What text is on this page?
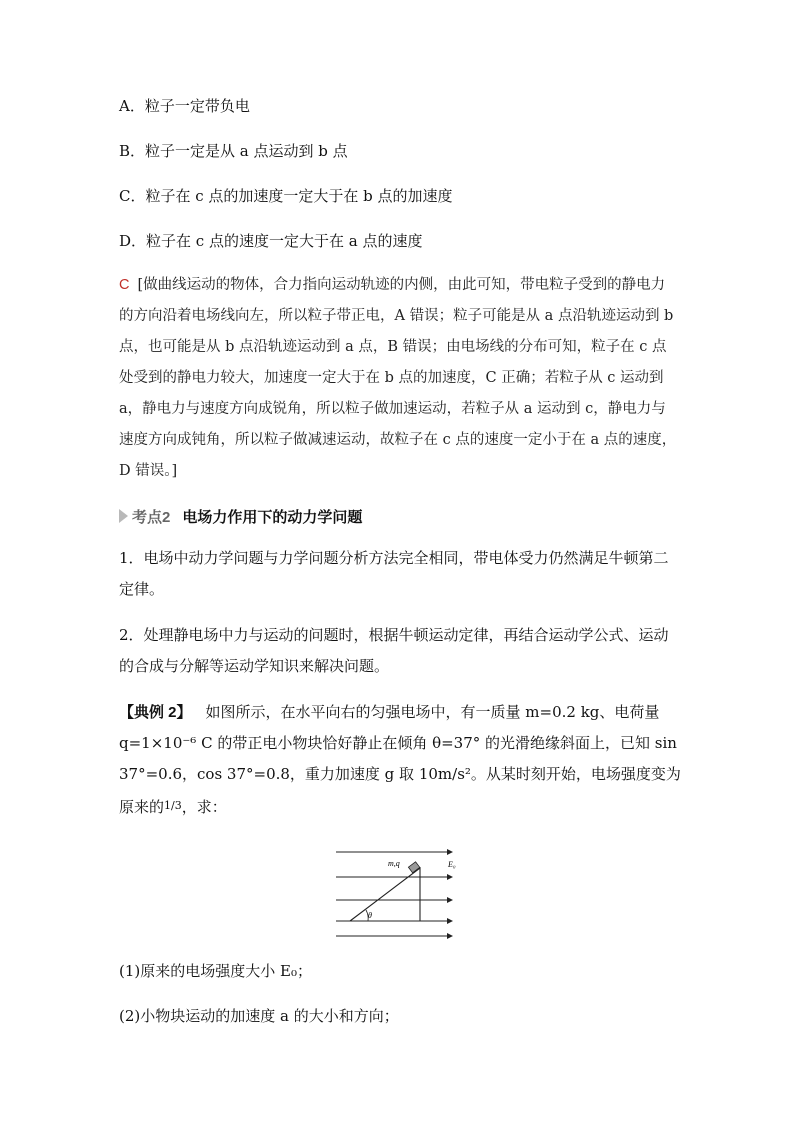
A．粒子一定带负电
B．粒子一定是从 a 点运动到 b 点
C．粒子在 c 点的加速度一定大于在 b 点的加速度
D．粒子在 c 点的速度一定大于在 a 点的速度
C [做曲线运动的物体，合力指向运动轨迹的内侧，由此可知，带电粒子受到的静电力的方向沿着电场线向左，所以粒子带正电，A 错误；粒子可能是从 a 点沿轨迹运动到 b 点，也可能是从 b 点沿轨迹运动到 a 点，B 错误；由电场线的分布可知，粒子在 c 点处受到的静电力较大，加速度一定大于在 b 点的加速度，C 正确；若粒子从 c 运动到 a，静电力与速度方向成锐角，所以粒子做加速运动，若粒子从 a 运动到 c，静电力与速度方向成钝角，所以粒子做减速运动，故粒子在 c 点的速度一定小于在 a 点的速度，D 错误。]
考点2 电场力作用下的动力学问题
1．电场中动力学问题与力学问题分析方法完全相同，带电体受力仍然满足牛顿第二定律。
2．处理静电场中力与运动的问题时，根据牛顿运动定律，再结合运动学公式、运动的合成与分解等运动学知识来解决问题。
【典例 2】 如图所示，在水平向右的匀强电场中，有一质量 m=0.2 kg、电荷量 q=1×10⁻⁶ C 的带正电小物块恰好静止在倾角 θ=37° 的光滑绝缘斜面上，已知 sin 37°=0.6，cos 37°=0.8，重力加速度 g 取 10m/s²。从某时刻开始，电场强度变为原来的$^{1/3}$，求：
m,q	E₀
θ
(1)原来的电场强度大小 E₀；
(2)小物块运动的加速度 a 的大小和方向；
